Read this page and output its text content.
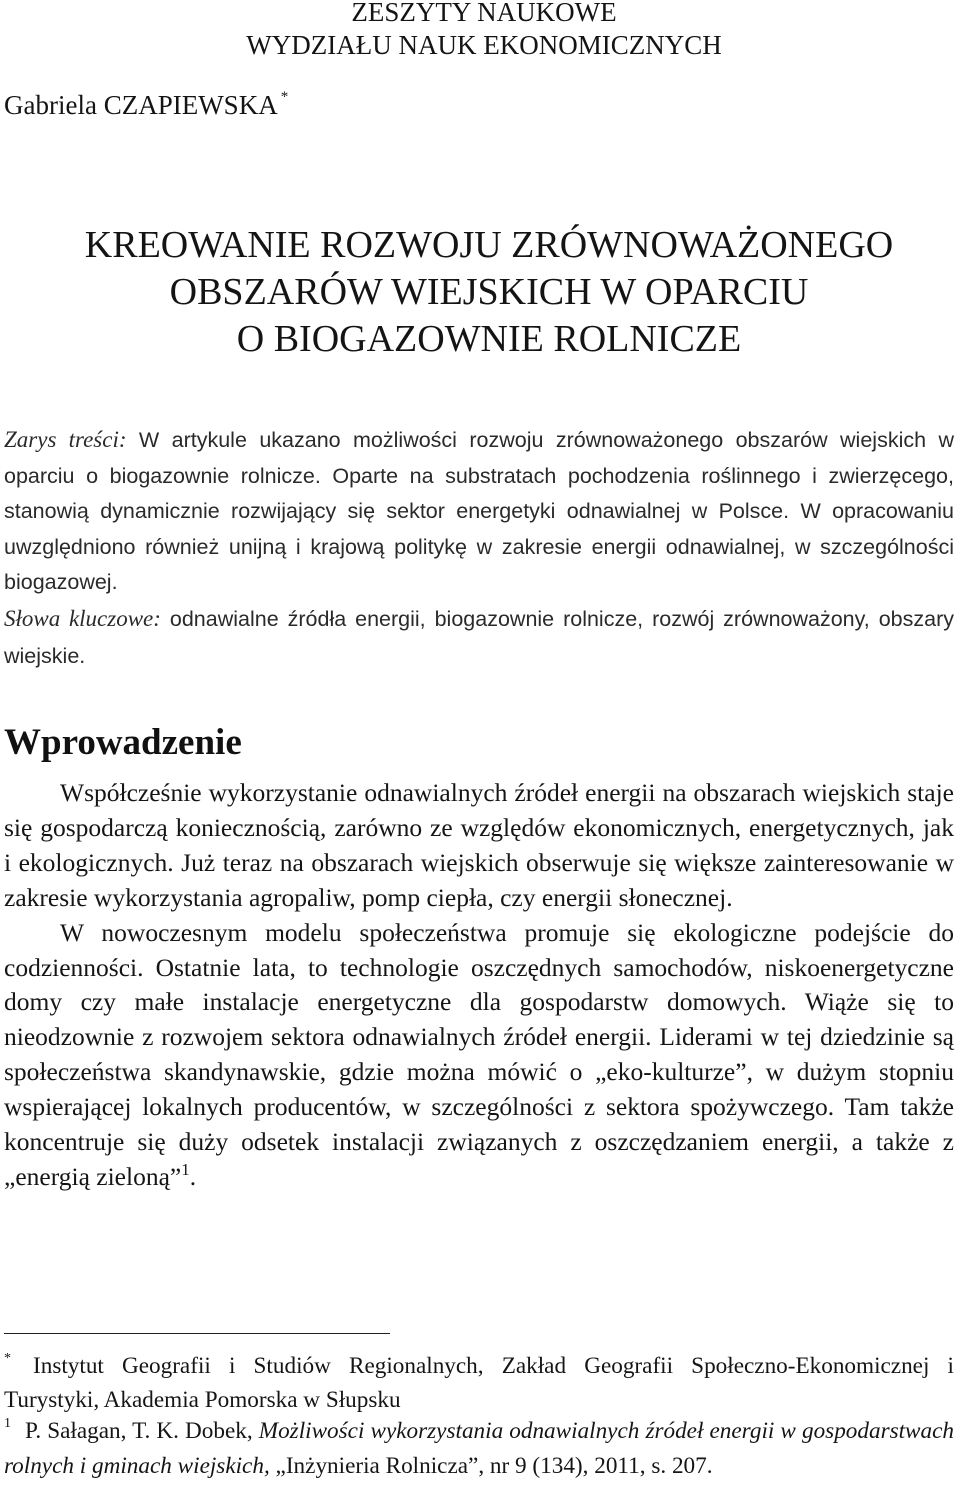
ZESZYTY NAUKOWE
WYDZIAŁU NAUK EKONOMICZNYCH
Gabriela CZAPIEWSKA *
KREOWANIE ROZWOJU ZRÓWNOWAŻONEGO
OBSZARÓW WIEJSKICH W OPARCIU
O BIOGAZOWNIE ROLNICZE

Zarys treści: W artykule ukazano możliwości rozwoju zrównoważonego obszarów wiejskich w oparciu o biogazownie rolnicze. Oparte na substratach pochodzenia roślinnego i zwierzęcego, stanowią dynamicznie rozwijający się sektor energetyki odnawialnej w Polsce. W opracowaniu uwzględniono również unijną i krajową politykę w zakresie energii odnawialnej, w szczególności biogazowej.

Słowa kluczowe: odnawialne źródła energii, biogazownie rolnicze, rozwój zrównoważony, obszary wiejskie.
Wprowadzenie

Współcześnie wykorzystanie odnawialnych źródeł energii na obszarach wiejskich staje się gospodarczą koniecznością, zarówno ze względów ekonomicznych, energetycznych, jak i ekologicznych. Już teraz na obszarach wiejskich obserwuje się większe zainteresowanie w zakresie wykorzystania agropaliw, pomp ciepła, czy energii słonecznej.

W nowoczesnym modelu społeczeństwa promuje się ekologiczne podejście do codzienności. Ostatnie lata, to technologie oszczędnych samochodów, niskoenergetyczne domy czy małe instalacje energetyczne dla gospodarstw domowych. Wiąże się to nieodzownie z rozwojem sektora odnawialnych źródeł energii. Liderami w tej dziedzinie są społeczeństwa skandynawskie, gdzie można mówić o „eko-kulturze”, w dużym stopniu wspierającej lokalnych producentów, w szczególności z sektora spożywczego. Tam także koncentruje się duży odsetek instalacji związanych z oszczędzaniem energii, a także z „energią zieloną”$^1$.

* Instytut Geografii i Studiów Regionalnych, Zakład Geografii Społeczno-Ekonomicznej i Turystyki, Akademia Pomorska w Słupsku

$^1$ P. Sałagan, T. K. Dobek, Możliwości wykorzystania odnawialnych źródeł energii w gospodarstwach rolnych i gminach wiejskich, „Inżynieria Rolnicza”, nr 9 (134), 2011, s. 207.
